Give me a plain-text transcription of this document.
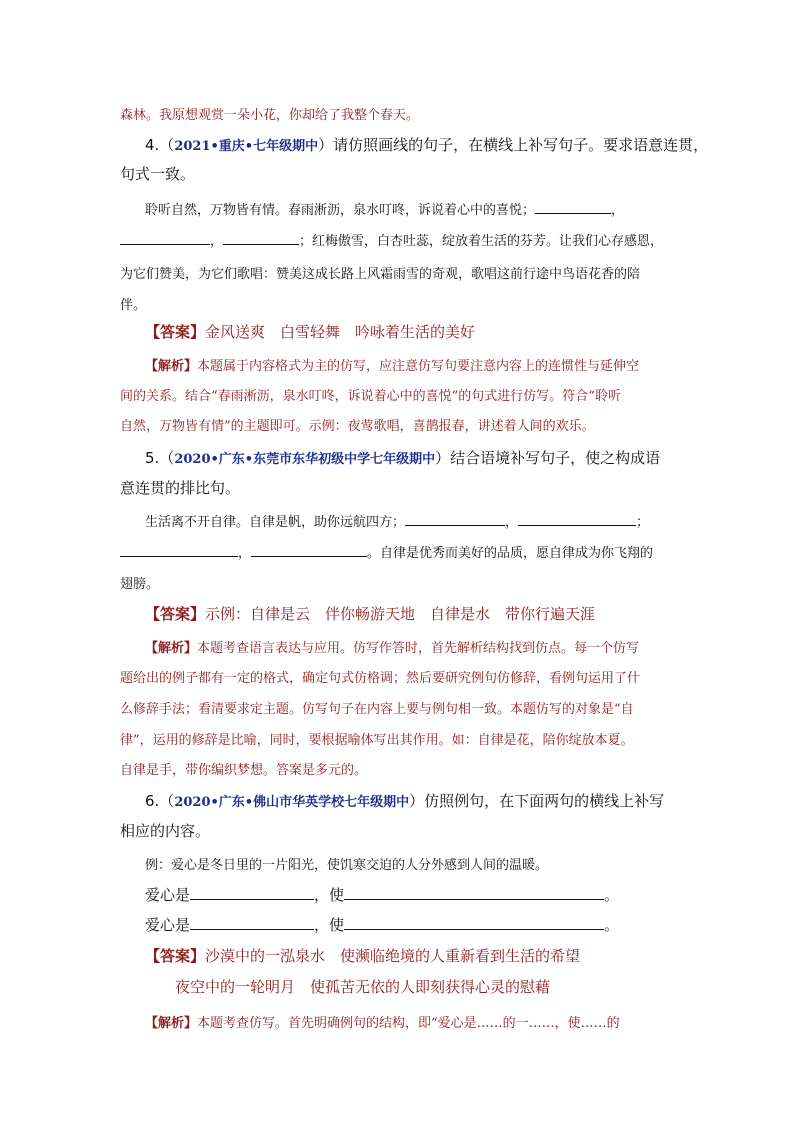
森林。我原想观赏一朵小花，你却给了我整个春天。
4.（2021•重庆•七年级期中）请仿照画线的句子，在横线上补写句子。要求语意连贯，
句式一致。
聆听自然，万物皆有情。春雨淅沥，泉水叮咚，诉说着心中的喜悦；	，
，	；红梅傲雪，白杏吐蕊，绽放着生活的芬芳。让我们心存感恩，
为它们赞美，为它们歌唱：赞美这成长路上风霜雨雪的奇观，歌唱这前行途中鸟语花香的陪
伴。
【答案】金风送爽　白雪轻舞　吟咏着生活的美好
【解析】本题属于内容格式为主的仿写，应注意仿写句要注意内容上的连惯性与延伸空
间的关系。结合“春雨淅沥，泉水叮咚，诉说着心中的喜悦”的句式进行仿写。符合“聆听
自然，万物皆有情”的主题即可。示例：夜莺歌唱，喜鹊报春，讲述着人间的欢乐。
5.（2020•广东•东莞市东华初级中学七年级期中）结合语境补写句子，使之构成语
意连贯的排比句。
生活离不开自律。自律是帆，助你远航四方；	，	；
，	。自律是优秀而美好的品质，愿自律成为你飞翔的
翅膀。
【答案】示例：自律是云　伴你畅游天地　自律是水　带你行遍天涯
【解析】本题考查语言表达与应用。仿写作答时，首先解析结构找到仿点。每一个仿写
题给出的例子都有一定的格式，确定句式仿格调；然后要研究例句仿修辞，看例句运用了什
么修辞手法；看清要求定主题。仿写句子在内容上要与例句相一致。本题仿写的对象是“自
律”，运用的修辞是比喻，同时，要根据喻体写出其作用。如：自律是花，陪你绽放本夏。
自律是手，带你编织梦想。答案是多元的。
6.（2020•广东•佛山市华英学校七年级期中）仿照例句，在下面两句的横线上补写
相应的内容。
例：爱心是冬日里的一片阳光，使饥寒交迫的人分外感到人间的温暖。
爱心是	，使	。
爱心是	，使	。
【答案】沙漠中的一泓泉水　使濒临绝境的人重新看到生活的希望
夜空中的一轮明月　使孤苦无依的人即刻获得心灵的慰藉
【解析】本题考查仿写。首先明确例句的结构，即“爱心是……的一……，使……的
